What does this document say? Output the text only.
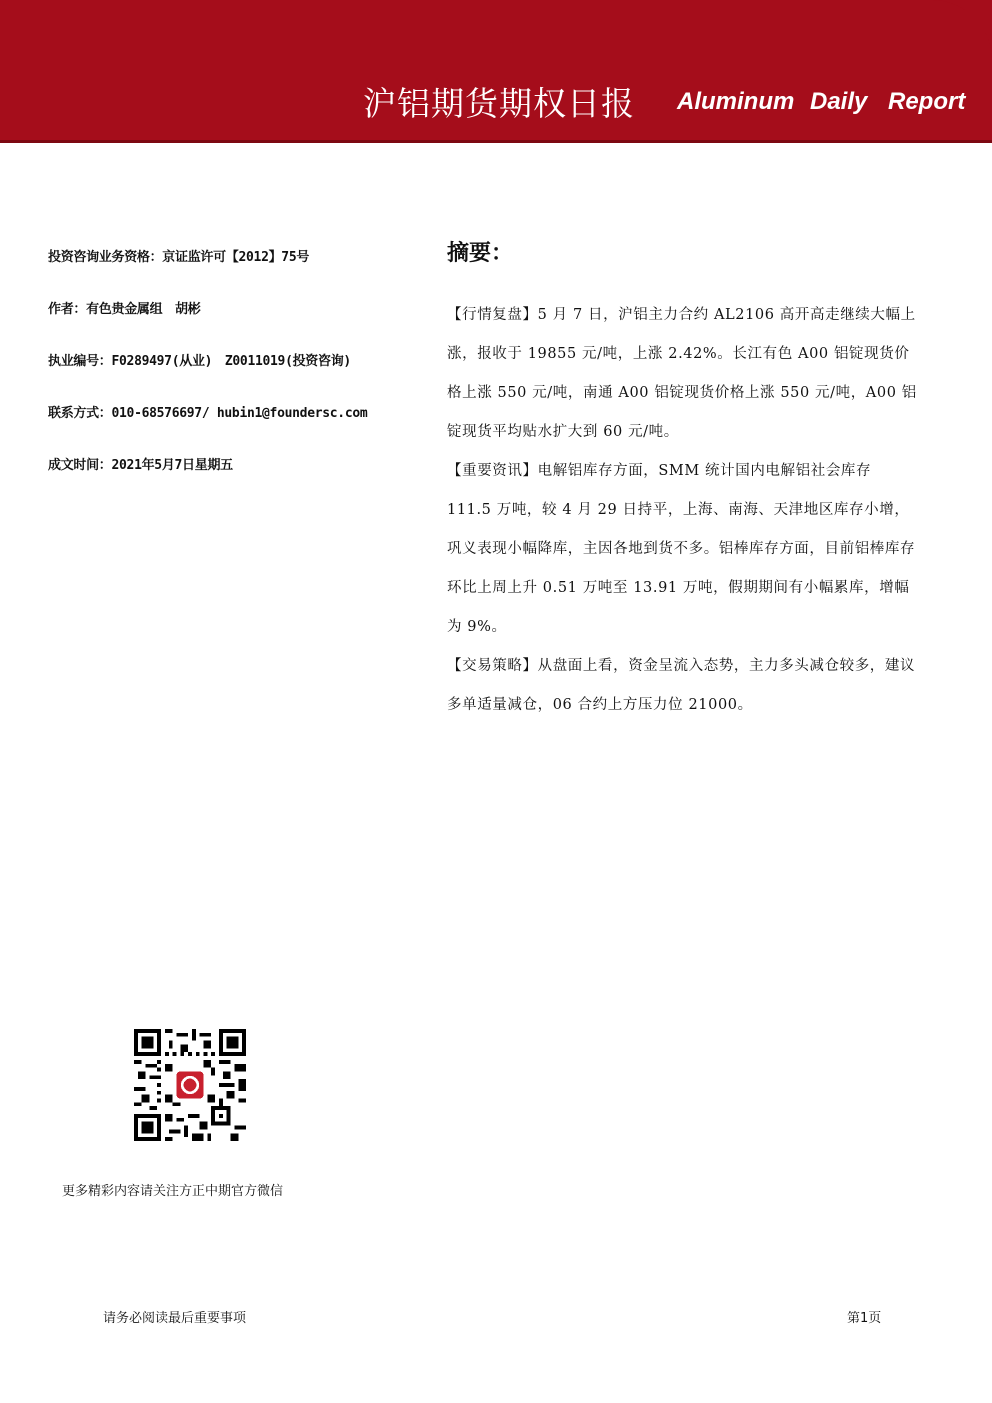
沪铝期货期权日报 Aluminum Daily Report
投资咨询业务资格：京证监许可【2012】75号
作者：有色贵金属组　胡彬
执业编号：F0289497(从业)　Z0011019(投资咨询)
联系方式：010-68576697/ hubin1@foundersc.com
成文时间：2021年5月7日星期五
摘要：

【行情复盘】5 月 7 日，沪铝主力合约 AL2106 高开高走继续大幅上涨，报收于 19855 元/吨，上涨 2.42%。长江有色 A00 铝锭现货价格上涨 550 元/吨，南通 A00 铝锭现货价格上涨 550 元/吨，A00 铝锭现货平均贴水扩大到 60 元/吨。

【重要资讯】电解铝库存方面，SMM 统计国内电解铝社会库存 111.5 万吨，较 4 月 29 日持平，上海、南海、天津地区库存小增，巩义表现小幅降库，主因各地到货不多。铝棒库存方面，目前铝棒库存环比上周上升 0.51 万吨至 13.91 万吨，假期期间有小幅累库，增幅为 9%。

【交易策略】从盘面上看，资金呈流入态势，主力多头减仓较多，建议多单适量减仓，06 合约上方压力位 21000。

更多精彩内容请关注方正中期官方微信
请务必阅读最后重要事项	第1页
